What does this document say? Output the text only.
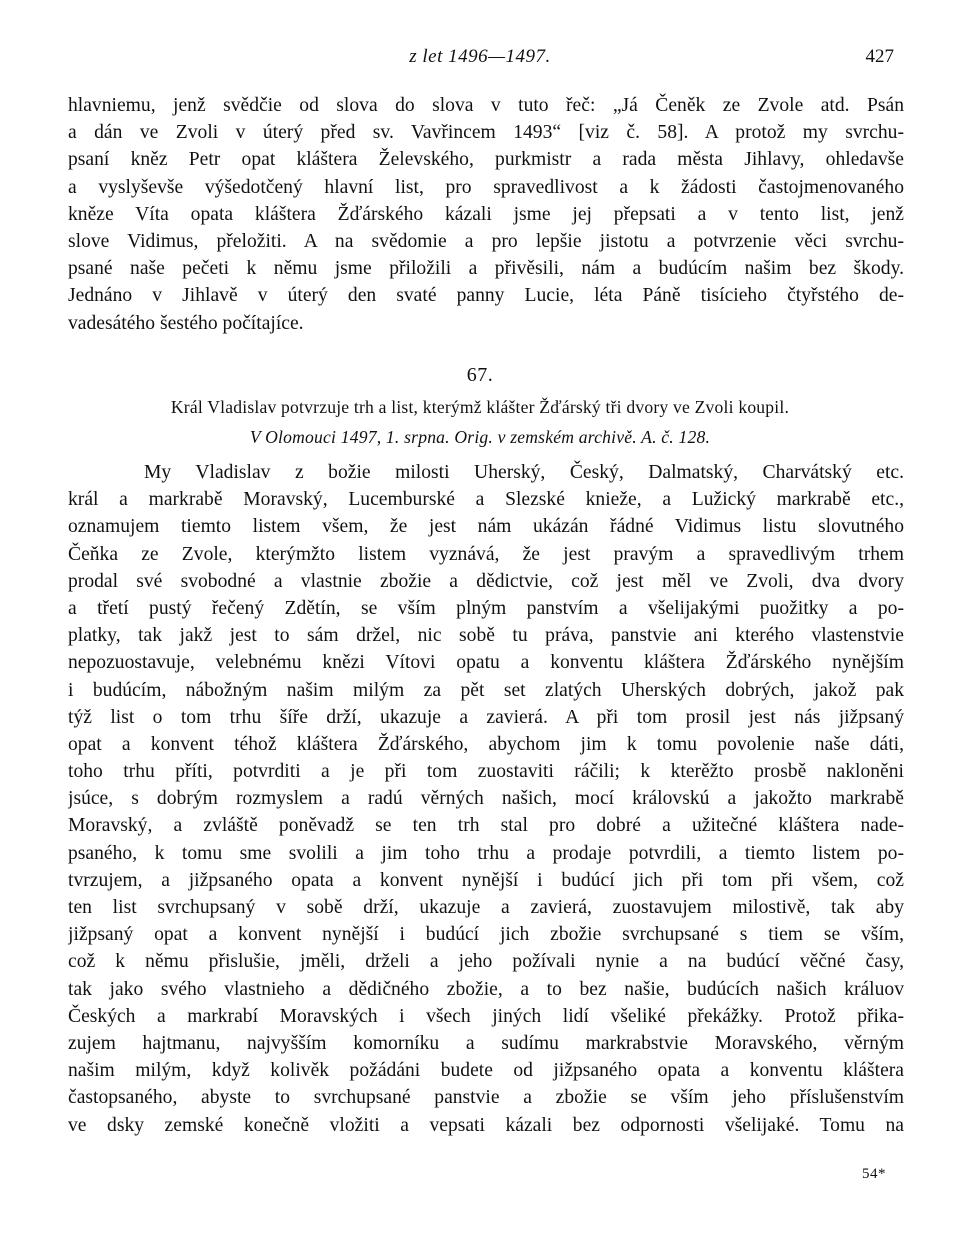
z let 1496—1497.	427
hlavniemu, jenž svědčie od slova do slova v tuto řeč: „Já Čeněk ze Zvole atd. Psán
a dán ve Zvoli v úterý před sv. Vavřincem 1493“ [viz č. 58]. A protož my svrchu-
psaní kněz Petr opat kláštera Želevského, purkmistr a rada města Jihlavy, ohledavše
a vyslyševše výšedotčený hlavní list, pro spravedlivost a k žádosti častojmenovaného
kněze Víta opata kláštera Žďárského kázali jsme jej přepsati a v tento list, jenž
slove Vidimus, přeložiti. A na svědomie a pro lepšie jistotu a potvrzenie věci svrchu-
psané naše pečeti k němu jsme přiložili a přivěsili, nám a budúcím našim bez škody.
Jednáno v Jihlavě v úterý den svaté panny Lucie, léta Páně tisícieho čtyřstého de-
vadesátého šestého počítajíce.
67.
Král Vladislav potvrzuje trh a list, kterýmž klášter Žďárský tři dvory ve Zvoli koupil.
V Olomouci 1497, 1. srpna. Orig. v zemském archivě. A. č. 128.
My Vladislav z božie milosti Uherský, Český, Dalmatský, Charvátský etc.
král a markrabě Moravský, Lucemburské a Slezské knieže, a Lužický markrabě etc.,
oznamujem tiemto listem všem, že jest nám ukázán řádné Vidimus listu slovutného
Čeňka ze Zvole, kterýmžto listem vyznává, že jest pravým a spravedlivým trhem
prodal své svobodné a vlastnie zbožie a dědictvie, což jest měl ve Zvoli, dva dvory
a třetí pustý řečený Zdětín, se vším plným panstvím a všelijakými puožitky a po-
platky, tak jakž jest to sám držel, nic sobě tu práva, panstvie ani kterého vlastenstvie
nepozuostavuje, velebnému knězi Vítovi opatu a konventu kláštera Žďárského nynějším
i budúcím, nábožným našim milým za pět set zlatých Uherských dobrých, jakož pak
týž list o tom trhu šíře drží, ukazuje a zavierá. A při tom prosil jest nás jižpsaný
opat a konvent téhož kláštera Žďárského, abychom jim k tomu povolenie naše dáti,
toho trhu příti, potvrditi a je při tom zuostaviti ráčili; k kterěžto prosbě nakloněni
jsúce, s dobrým rozmyslem a radú věrných našich, mocí královskú a jakožto markrabě
Moravský, a zvláště poněvadž se ten trh stal pro dobré a užitečné kláštera nade-
psaného, k tomu sme svolili a jim toho trhu a prodaje potvrdili, a tiemto listem po-
tvrzujem, a jižpsaného opata a konvent nynější i budúcí jich při tom při všem, což
ten list svrchupsaný v sobě drží, ukazuje a zavierá, zuostavujem milostivě, tak aby
jižpsaný opat a konvent nynější i budúcí jich zbožie svrchupsané s tiem se vším,
což k němu přislušie, jměli, drželi a jeho požívali nynie a na budúcí věčné časy,
tak jako svého vlastnieho a dědičného zbožie, a to bez našie, budúcích našich králuov
Českých a markrabí Moravských i všech jiných lidí všeliké překážky. Protož přika-
zujem hajtmanu, najvyšším komorníku a sudímu markrabstvie Moravského, věrným
našim milým, když kolivěk požádáni budete od jižpsaného opata a konventu kláštera
častopsaného, abyste to svrchupsané panstvie a zbožie se vším jeho příslušenstvím
ve dsky zemské konečně vložiti a vepsati kázali bez odpornosti všelijaké. Tomu na
54*
